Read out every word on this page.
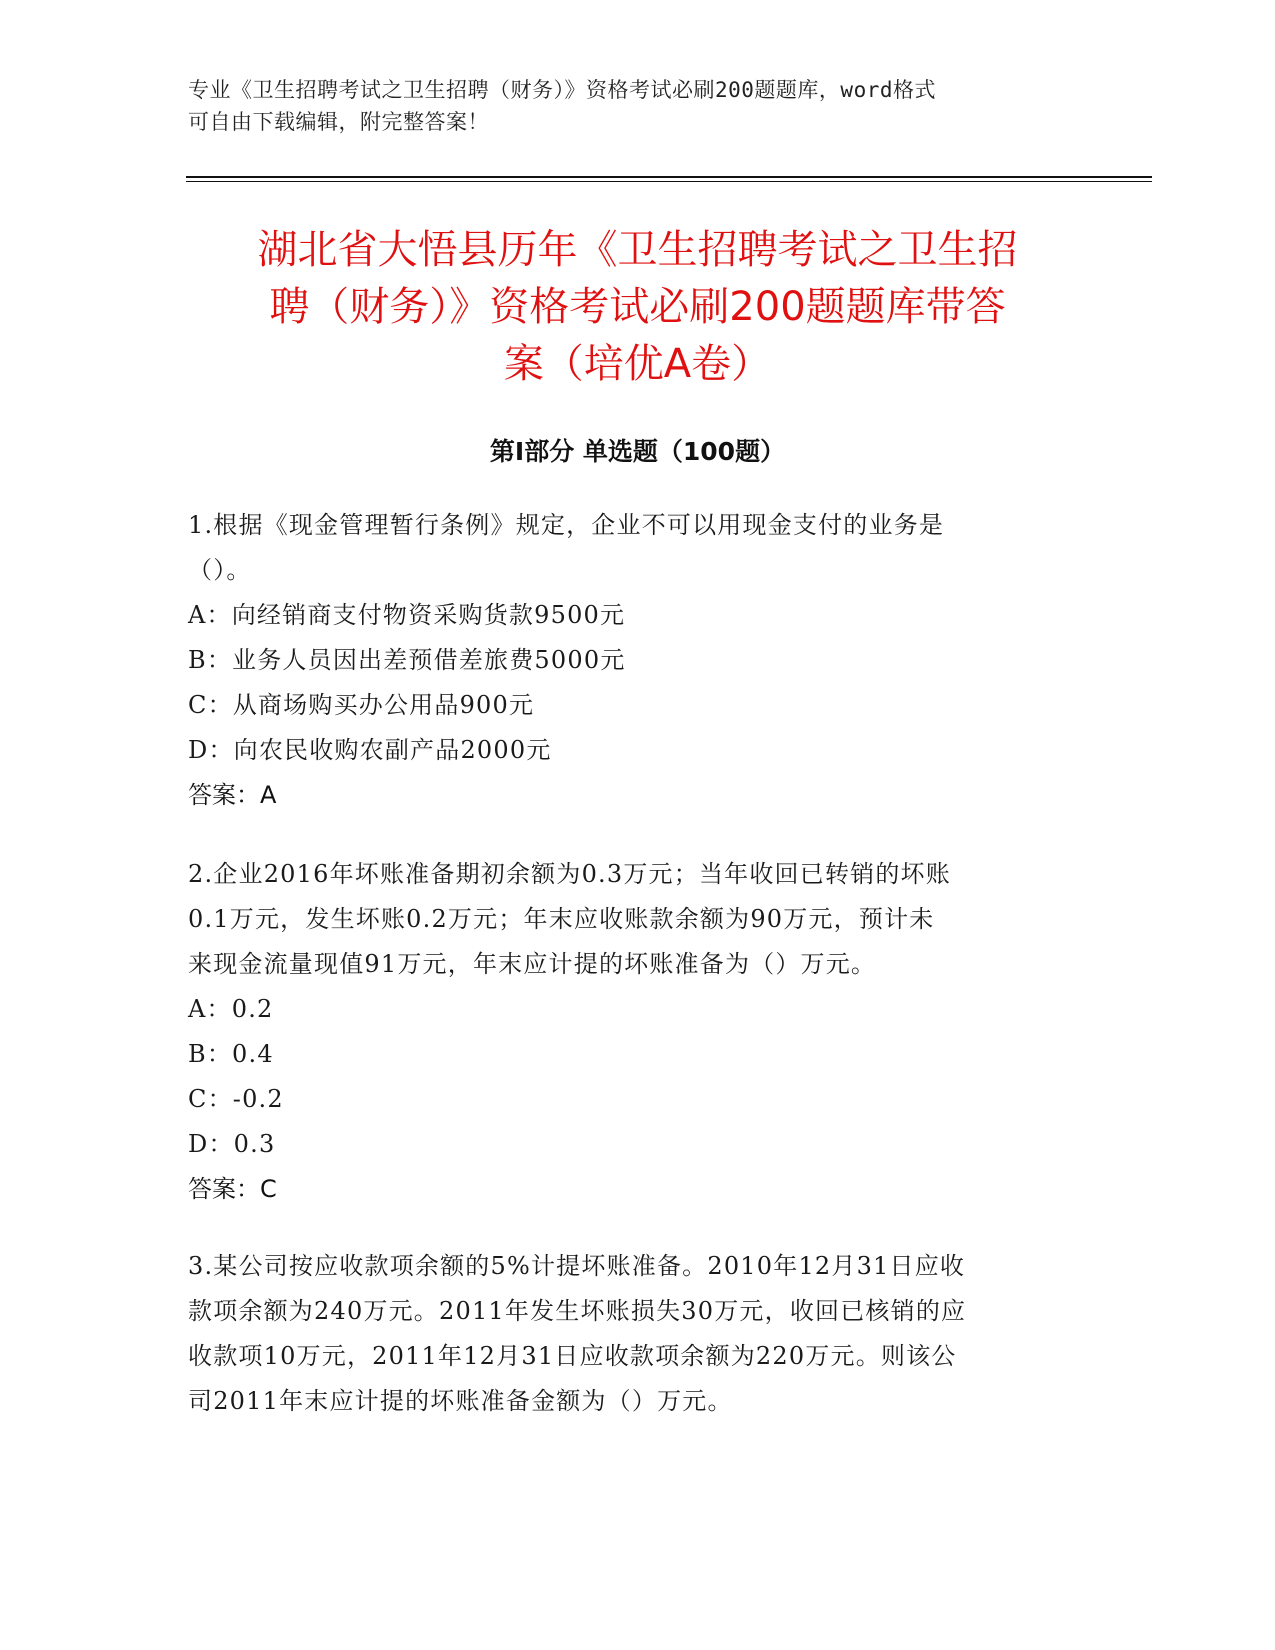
专业《卫生招聘考试之卫生招聘（财务）》资格考试必刷200题题库，word格式
可自由下载编辑，附完整答案！
湖北省大悟县历年《卫生招聘考试之卫生招
聘（财务）》资格考试必刷200题题库带答
案（培优A卷）
第Ⅰ部分 单选题（100题）

1.根据《现金管理暂行条例》规定，企业不可以用现金支付的业务是

（）。

A：向经销商支付物资采购货款9500元

B：业务人员因出差预借差旅费5000元

C：从商场购买办公用品900元

D：向农民收购农副产品2000元

答案：A

2.企业2016年坏账准备期初余额为0.3万元；当年收回已转销的坏账

0.1万元，发生坏账0.2万元；年末应收账款余额为90万元，预计未

来现金流量现值91万元，年末应计提的坏账准备为（）万元。

A：0.2

B：0.4

C：-0.2

D：0.3

答案：C

3.某公司按应收款项余额的5%计提坏账准备。2010年12月31日应收

款项余额为240万元。2011年发生坏账损失30万元，收回已核销的应

收款项10万元，2011年12月31日应收款项余额为220万元。则该公

司2011年末应计提的坏账准备金额为（）万元。
